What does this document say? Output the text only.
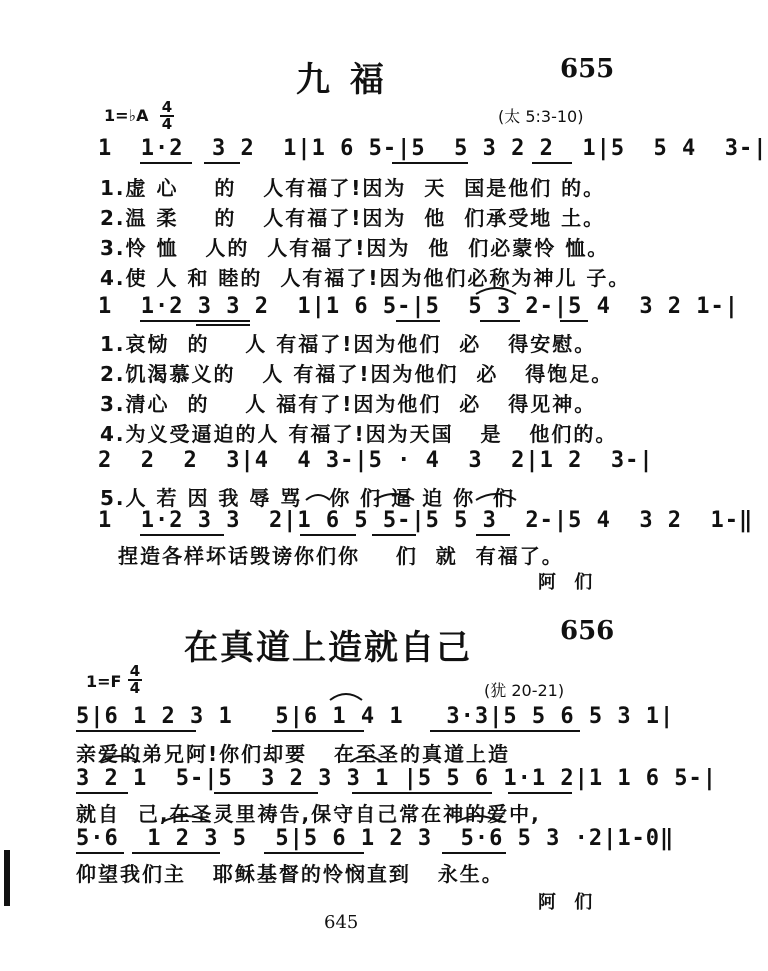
九 福	655
1=♭A 4
4	(太 5:3-10)
1  1·2  3 2  1|1 6 5-|5  5 3 2 2  1|5  5 4  3-|
1.虚 心    的   人有福了!因为  天  国是他们 的。
2.温 柔    的   人有福了!因为  他  们承受地 土。
3.怜 恤   人的  人有福了!因为  他  们必蒙怜 恤。
4.使 人 和 睦的  人有福了!因为他们必称为神儿 子。
1  1·2 3 3 2  1|1 6 5-|5  5 3 2-|5 4  3 2 1-|
1.哀恸  的    人 有福了!因为他们  必   得安慰。
2.饥渴慕义的   人 有福了!因为他们  必   得饱足。
3.清心  的    人 福有了!因为他们  必   得见神。
4.为义受逼迫的人 有福了!因为天国   是   他们的。
2  2  2  3|4  4 3-|5 · 4  3  2|1 2  3-|
5.人 若 因 我 辱 骂   你 们 逼 迫 你  们
1  1·2 3 3  2|1 6 5 5-|5 5 3  2-|5 4  3 2  1-‖
捏造各样坏话毁谤你们你    们  就  有福了。
阿 们
在真道上造就自己	656
1=F
4
4	(犹 20-21)
5|6 1 2 3 1   5|6 1 4 1   3·3|5 5 6 5 3 1|
亲爱的弟兄阿!你们却要   在至圣的真道上造
3 2 1  5-|5  3 2 3 3 1 |5 5 6 1·1 2|1 1 6 5-|
就自  己,在圣灵里祷告,保守自己常在神的爱中,
5·6  1 2 3 5  5|5 6 1 2 3  5·6 5 3 ·2|1-0‖
仰望我们主   耶稣基督的怜悯直到   永生。
阿 们
645
